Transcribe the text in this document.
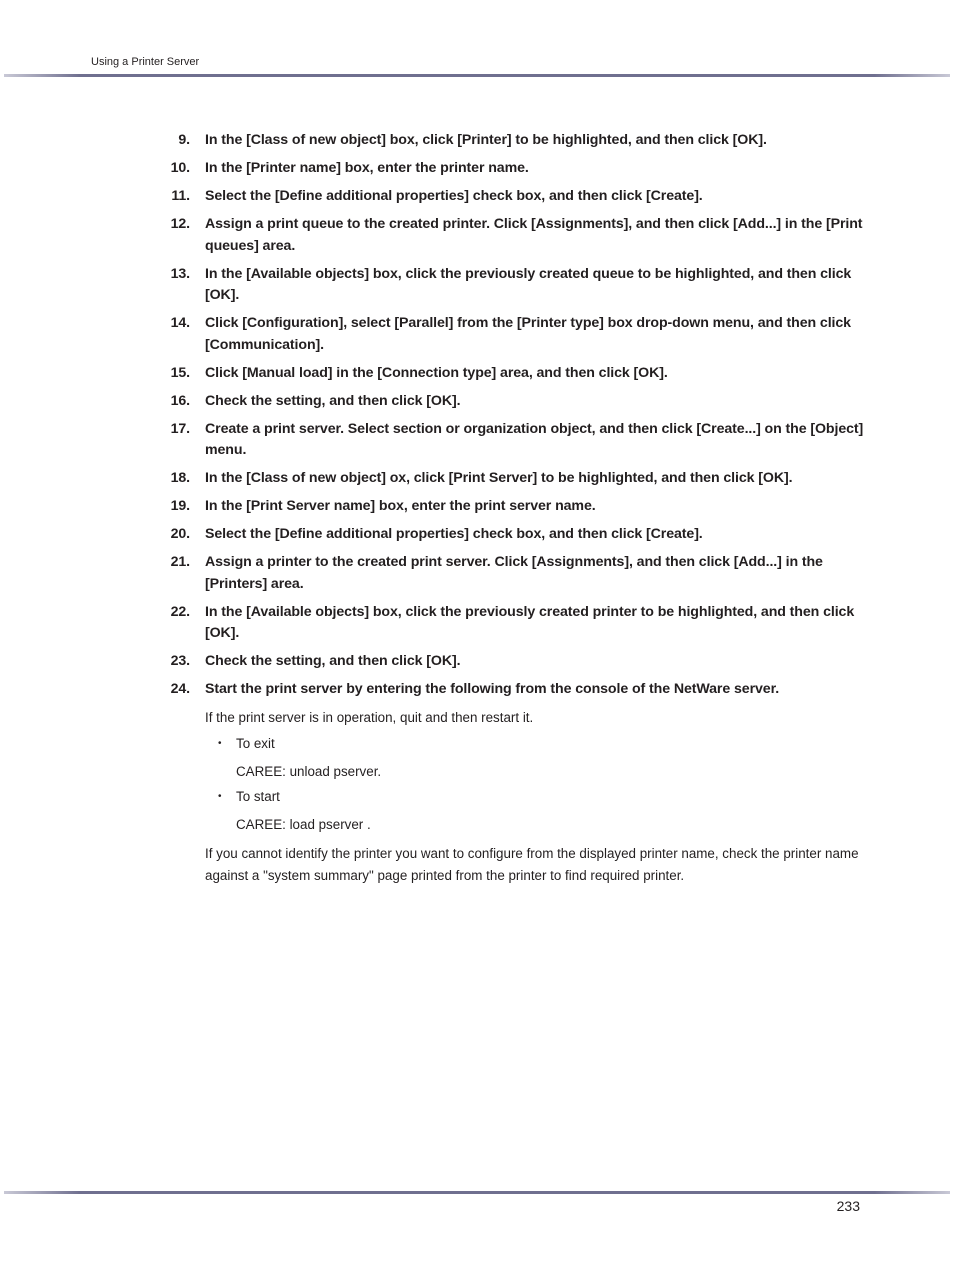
Using a Printer Server
9. In the [Class of new object] box, click [Printer] to be highlighted, and then click [OK].
10. In the [Printer name] box, enter the printer name.
11. Select the [Define additional properties] check box, and then click [Create].
12. Assign a print queue to the created printer. Click [Assignments], and then click [Add...] in the [Print queues] area.
13. In the [Available objects] box, click the previously created queue to be highlighted, and then click [OK].
14. Click [Configuration], select [Parallel] from the [Printer type] box drop-down menu, and then click [Communication].
15. Click [Manual load] in the [Connection type] area, and then click [OK].
16. Check the setting, and then click [OK].
17. Create a print server. Select section or organization object, and then click [Create...] on the [Object] menu.
18. In the [Class of new object] ox, click [Print Server] to be highlighted, and then click [OK].
19. In the [Print Server name] box, enter the print server name.
20. Select the [Define additional properties] check box, and then click [Create].
21. Assign a printer to the created print server. Click [Assignments], and then click [Add...] in the [Printers] area.
22. In the [Available objects] box, click the previously created printer to be highlighted, and then click [OK].
23. Check the setting, and then click [OK].
24. Start the print server by entering the following from the console of the NetWare server.
If the print server is in operation, quit and then restart it.
• To exit
CAREE: unload pserver.
• To start
CAREE: load pserver .
If you cannot identify the printer you want to configure from the displayed printer name, check the printer name against a "system summary" page printed from the printer to find required printer.
233
